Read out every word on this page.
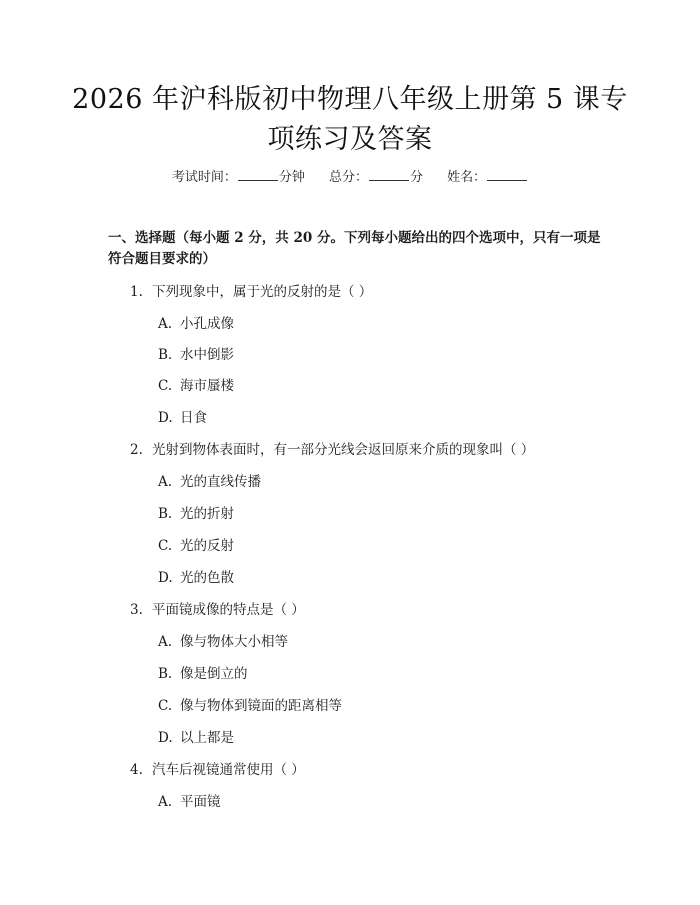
2026 年沪科版初中物理八年级上册第 5 课专
项练习及答案
考试时间：	分钟 总分：	分 姓名：
一、选择题（每小题 2 分，共 20 分。下列每小题给出的四个选项中，只有一项是
符合题目要求的）
1. 下列现象中，属于光的反射的是（ ）
A. 小孔成像
B. 水中倒影
C. 海市蜃楼
D. 日食
2. 光射到物体表面时，有一部分光线会返回原来介质的现象叫（ ）
A. 光的直线传播
B. 光的折射
C. 光的反射
D. 光的色散
3. 平面镜成像的特点是（ ）
A. 像与物体大小相等
B. 像是倒立的
C. 像与物体到镜面的距离相等
D. 以上都是
4. 汽车后视镜通常使用（ ）
A. 平面镜
